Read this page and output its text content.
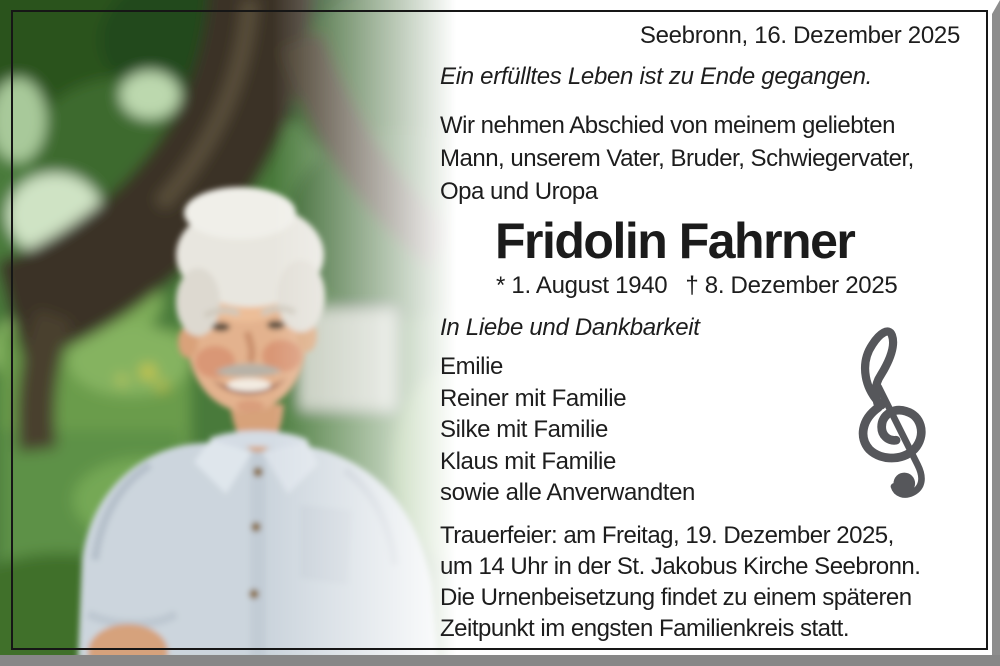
Seebronn, 16. Dezember 2025
Ein erfülltes Leben ist zu Ende gegangen.
Wir nehmen Abschied von meinem geliebten
Mann, unserem Vater, Bruder, Schwiegervater,
Opa und Uropa
Fridolin Fahrner
* 1. August 1940 † 8. Dezember 2025
In Liebe und Dankbarkeit
Emilie
Reiner mit Familie
Silke mit Familie
Klaus mit Familie
sowie alle Anverwandten
Trauerfeier: am Freitag, 19. Dezember 2025,
um 14 Uhr in der St. Jakobus Kirche Seebronn.
Die Urnenbeisetzung findet zu einem späteren
Zeitpunkt im engsten Familienkreis statt.
